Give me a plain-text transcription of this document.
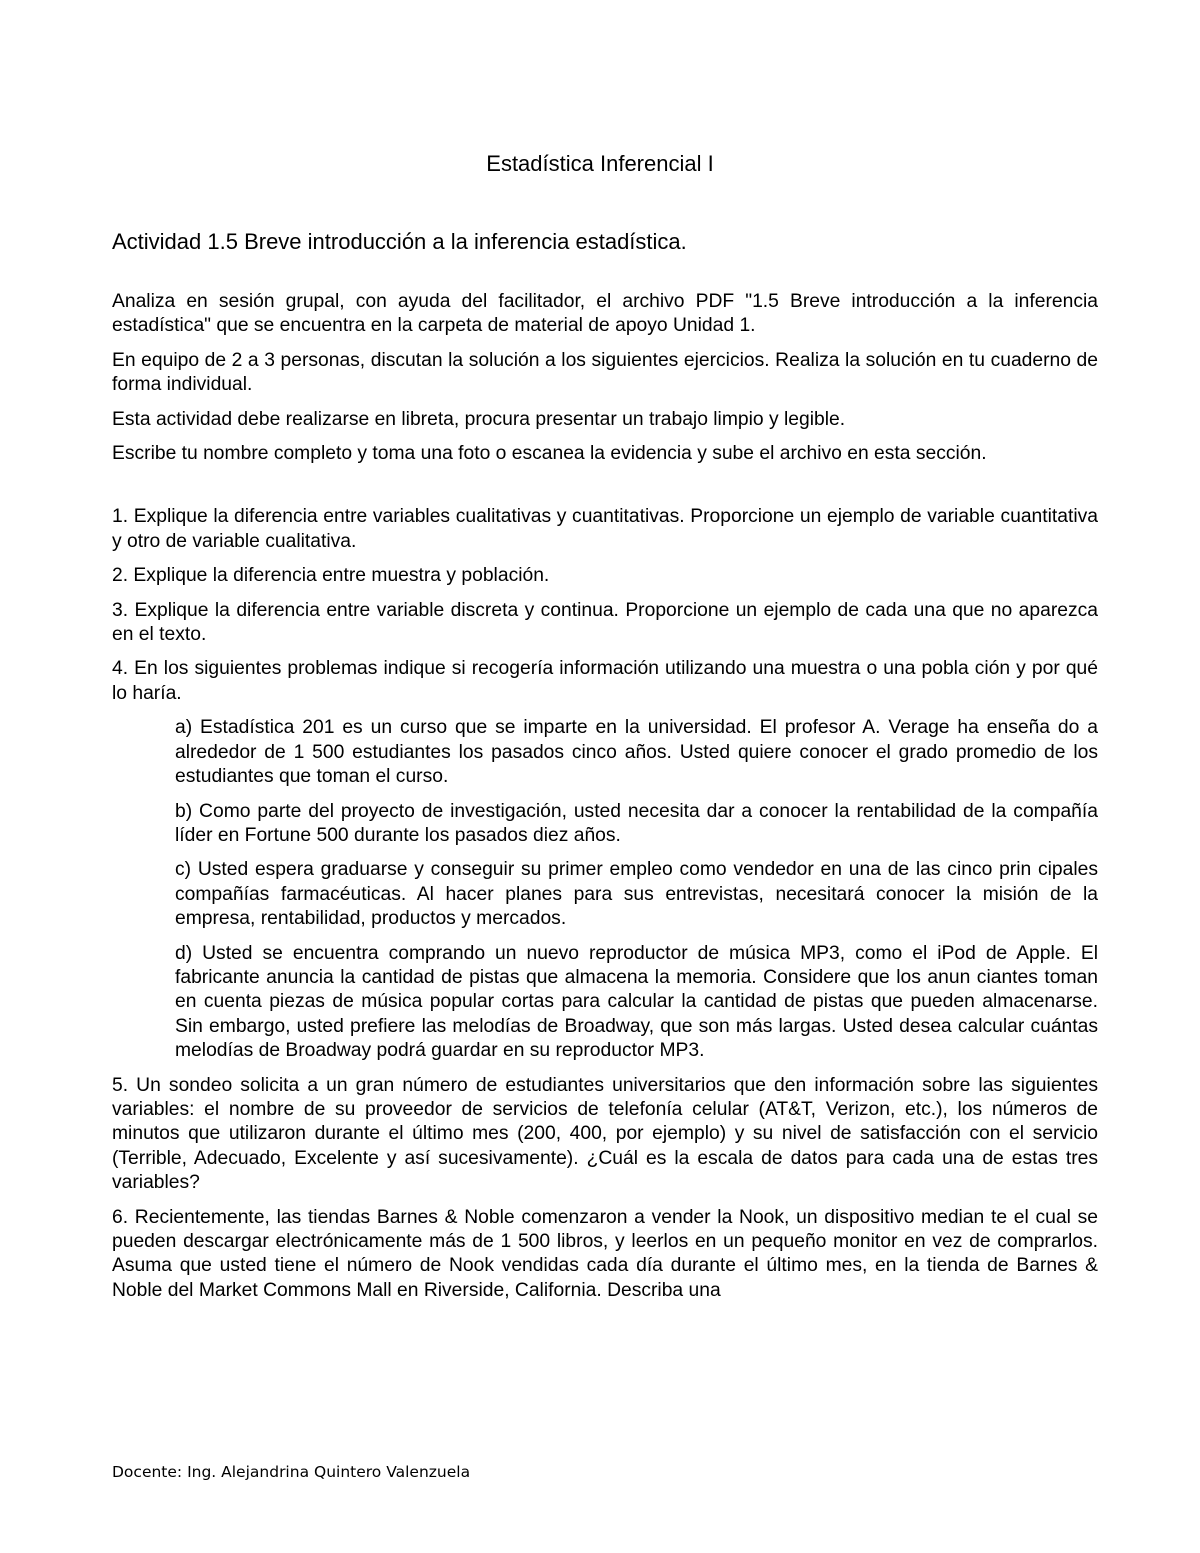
Estadística Inferencial I
Actividad 1.5 Breve introducción a la inferencia estadística.

Analiza en sesión grupal, con ayuda del facilitador, el archivo PDF "1.5 Breve introducción a la inferencia estadística" que se encuentra en la carpeta de material de apoyo Unidad 1.

En equipo de 2 a 3 personas, discutan la solución a los siguientes ejercicios. Realiza la solución en tu cuaderno de forma individual.

Esta actividad debe realizarse en libreta, procura presentar un trabajo limpio y legible.

Escribe tu nombre completo y toma una foto o escanea la evidencia y sube el archivo en esta sección.

1. Explique la diferencia entre variables cualitativas y cuantitativas. Proporcione un ejemplo de variable cuantitativa y otro de variable cualitativa.

2. Explique la diferencia entre muestra y población.

3. Explique la diferencia entre variable discreta y continua. Proporcione un ejemplo de cada una que no aparezca en el texto.

4. En los siguientes problemas indique si recogería información utilizando una muestra o una pobla ción y por qué lo haría.

a) Estadística 201 es un curso que se imparte en la universidad. El profesor A. Verage ha enseña do a alrededor de 1 500 estudiantes los pasados cinco años. Usted quiere conocer el grado promedio de los estudiantes que toman el curso.

b) Como parte del proyecto de investigación, usted necesita dar a conocer la rentabilidad de la compañía líder en Fortune 500 durante los pasados diez años.

c) Usted espera graduarse y conseguir su primer empleo como vendedor en una de las cinco prin cipales compañías farmacéuticas. Al hacer planes para sus entrevistas, necesitará conocer la misión de la empresa, rentabilidad, productos y mercados.

d) Usted se encuentra comprando un nuevo reproductor de música MP3, como el iPod de Apple. El fabricante anuncia la cantidad de pistas que almacena la memoria. Considere que los anun ciantes toman en cuenta piezas de música popular cortas para calcular la cantidad de pistas que pueden almacenarse. Sin embargo, usted prefiere las melodías de Broadway, que son más largas. Usted desea calcular cuántas melodías de Broadway podrá guardar en su reproductor MP3.

5. Un sondeo solicita a un gran número de estudiantes universitarios que den información sobre las siguientes variables: el nombre de su proveedor de servicios de telefonía celular (AT&T, Verizon, etc.), los números de minutos que utilizaron durante el último mes (200, 400, por ejemplo) y su nivel de satisfacción con el servicio (Terrible, Adecuado, Excelente y así sucesivamente). ¿Cuál es la escala de datos para cada una de estas tres variables?

6. Recientemente, las tiendas Barnes & Noble comenzaron a vender la Nook, un dispositivo median te el cual se pueden descargar electrónicamente más de 1 500 libros, y leerlos en un pequeño monitor en vez de comprarlos. Asuma que usted tiene el número de Nook vendidas cada día durante el último mes, en la tienda de Barnes & Noble del Market Commons Mall en Riverside, California. Describa una

Docente: Ing. Alejandrina Quintero Valenzuela
